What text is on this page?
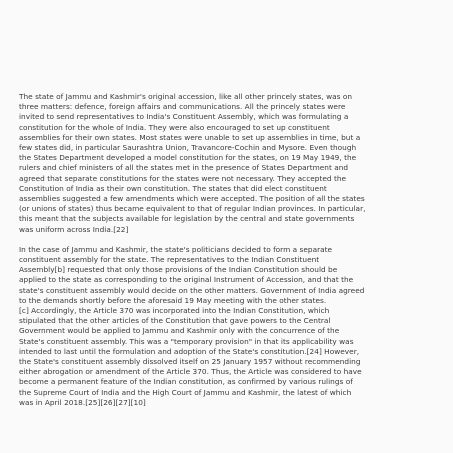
The state of Jammu and Kashmir's original accession, like all other princely states, was on
three matters: defence, foreign affairs and communications. All the princely states were
invited to send representatives to India's Constituent Assembly, which was formulating a
constitution for the whole of India. They were also encouraged to set up constituent
assemblies for their own states. Most states were unable to set up assemblies in time, but a
few states did, in particular Saurashtra Union, Travancore-Cochin and Mysore. Even though
the States Department developed a model constitution for the states, on 19 May 1949, the
rulers and chief ministers of all the states met in the presence of States Department and
agreed that separate constitutions for the states were not necessary. They accepted the
Constitution of India as their own constitution. The states that did elect constituent
assemblies suggested a few amendments which were accepted. The position of all the states
(or unions of states) thus became equivalent to that of regular Indian provinces. In particular,
this meant that the subjects available for legislation by the central and state governments
was uniform across India.[22]

In the case of Jammu and Kashmir, the state's politicians decided to form a separate
constituent assembly for the state. The representatives to the Indian Constituent
Assembly[b] requested that only those provisions of the Indian Constitution should be
applied to the state as corresponding to the original Instrument of Accession, and that the
state's constituent assembly would decide on the other matters. Government of India agreed
to the demands shortly before the aforesaid 19 May meeting with the other states.
[c] Accordingly, the Article 370 was incorporated into the Indian Constitution, which
stipulated that the other articles of the Constitution that gave powers to the Central
Government would be applied to Jammu and Kashmir only with the concurrence of the
State's constituent assembly. This was a "temporary provision" in that its applicability was
intended to last until the formulation and adoption of the State's constitution.[24] However,
the State's constituent assembly dissolved itself on 25 January 1957 without recommending
either abrogation or amendment of the Article 370. Thus, the Article was considered to have
become a permanent feature of the Indian constitution, as confirmed by various rulings of
the Supreme Court of India and the High Court of Jammu and Kashmir, the latest of which
was in April 2018.[25][26][27][10]
